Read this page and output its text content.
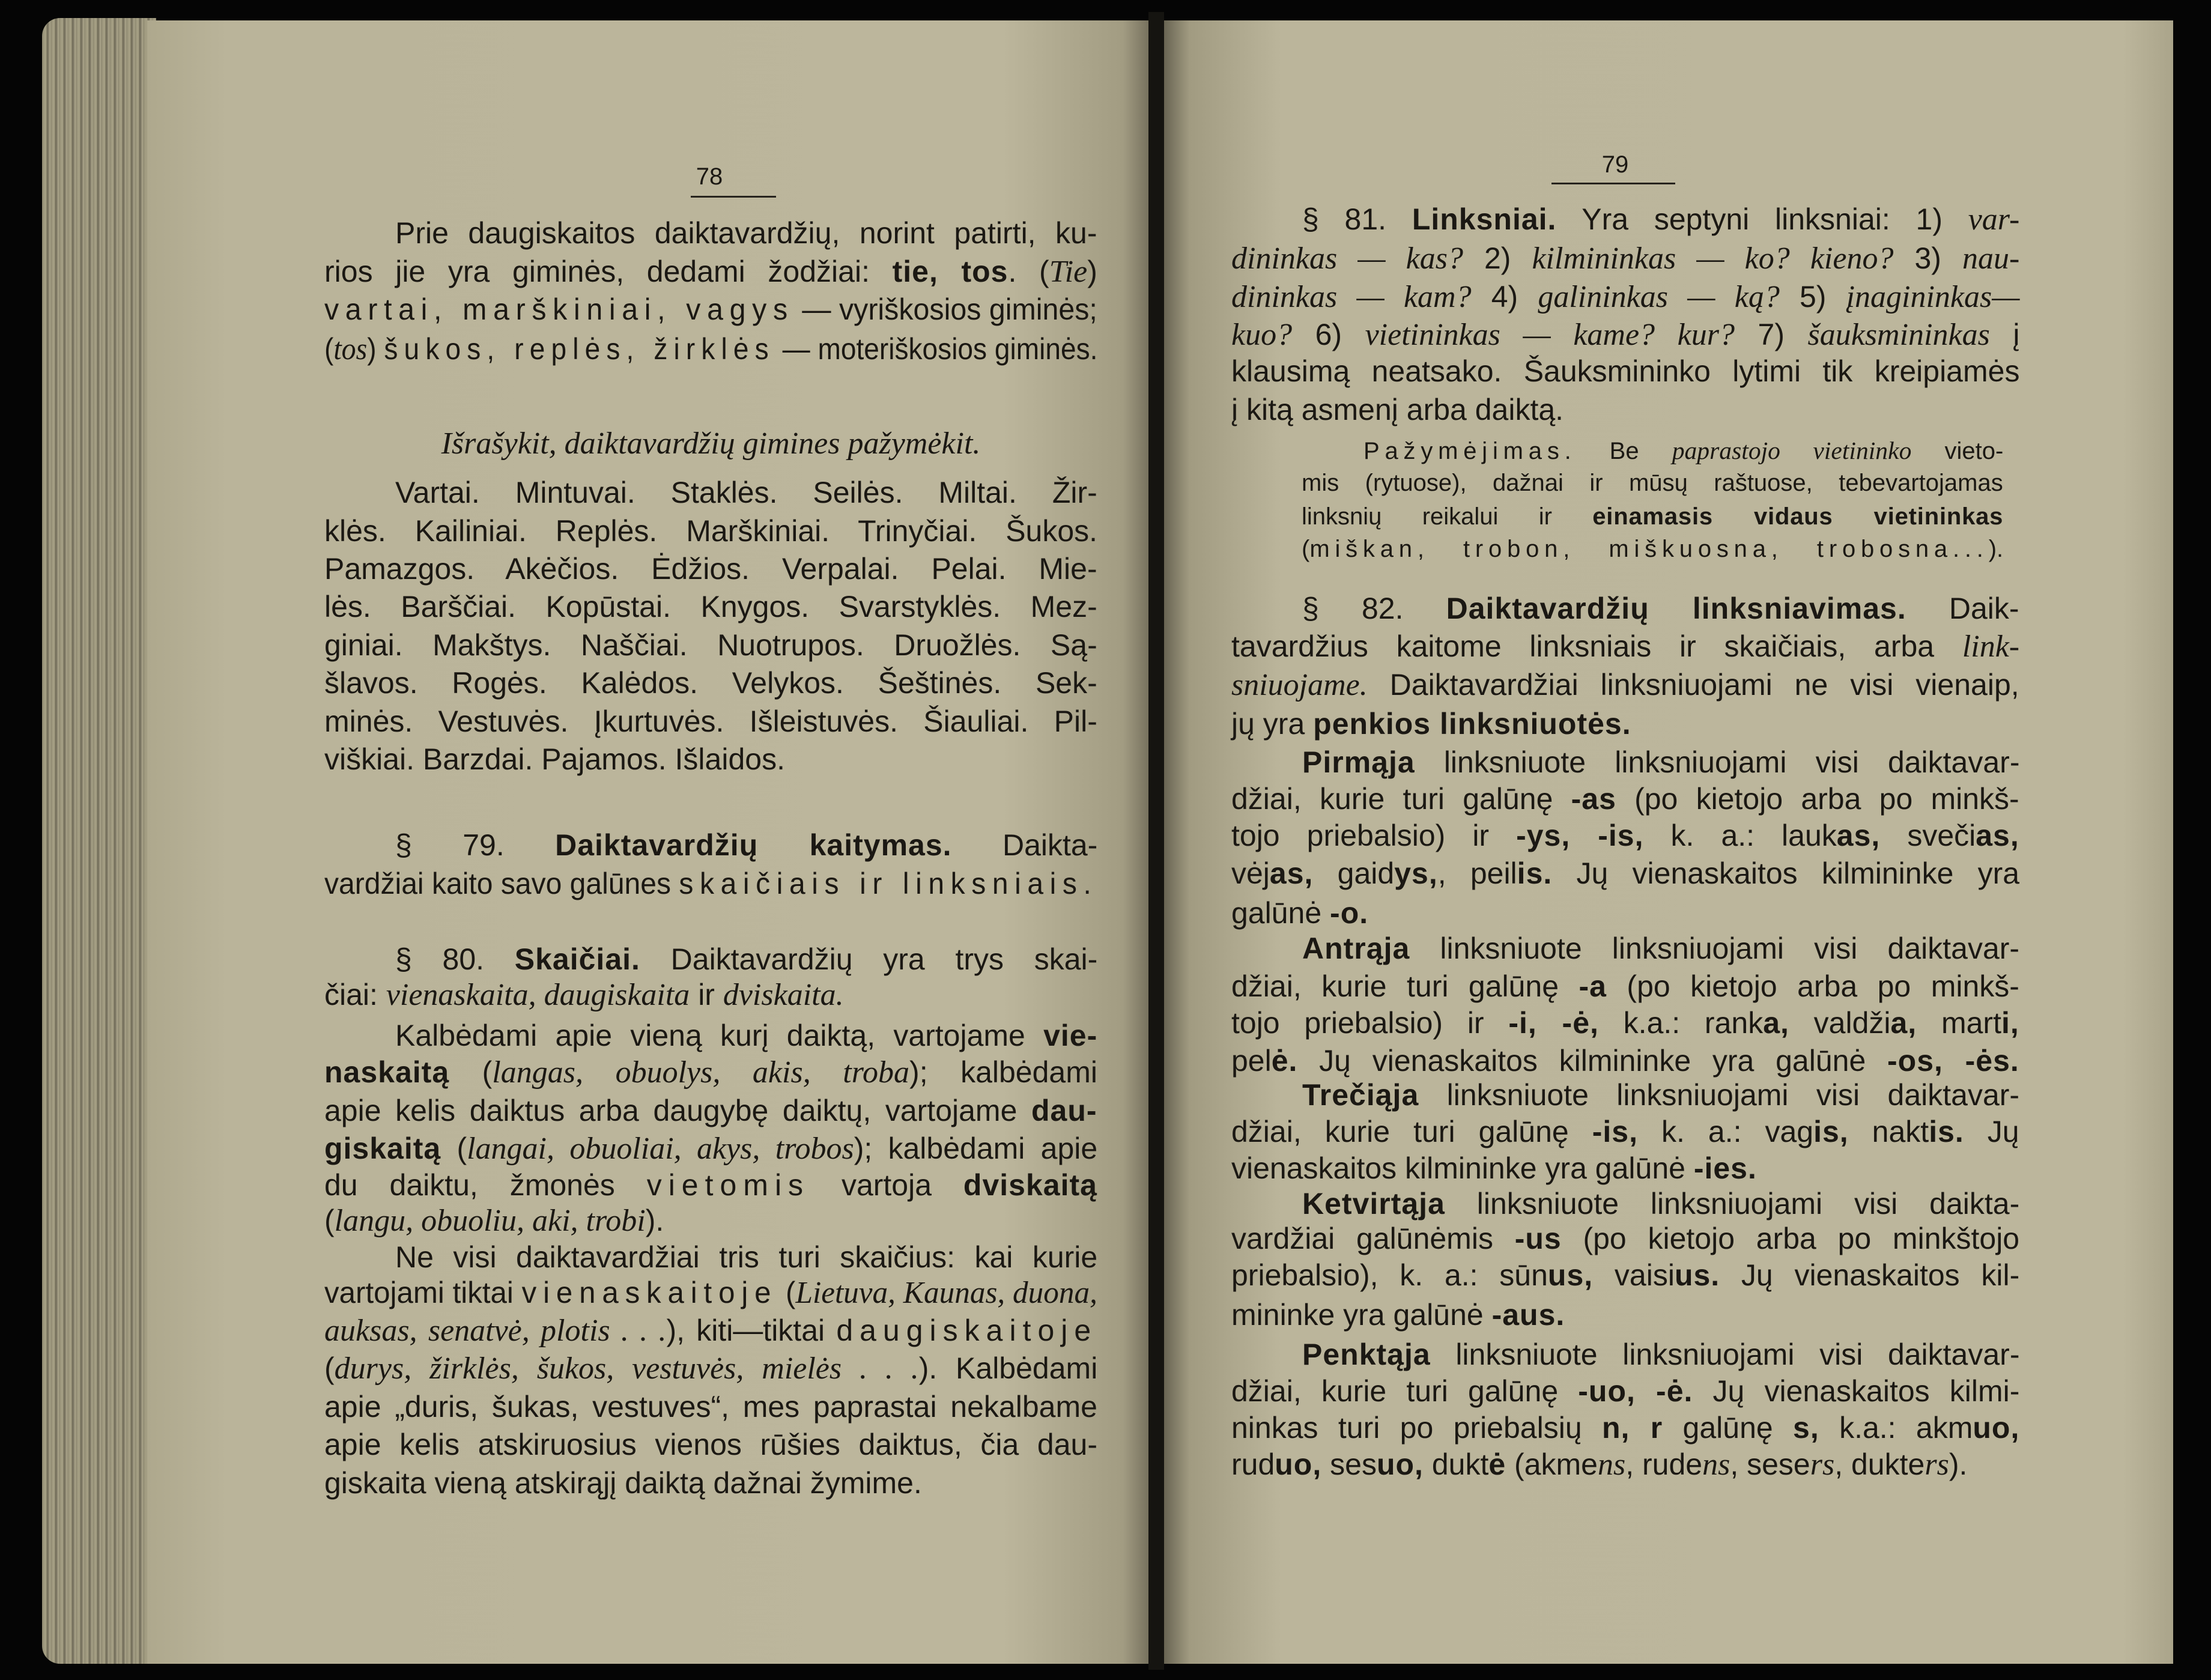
78	79
Prie daugiskaitos daiktavardžių, norint patirti, ku-
rios jie yra giminės, dedami žodžiai: tie, tos. (Tie)
vartai, marškiniai, vagys — vyriškosios giminės;
(tos) šukos, replės, žirklės — moteriškosios giminės.
Išrašykit, daiktavardžių gimines pažymėkit.
Vartai. Mintuvai. Staklės. Seilės. Miltai. Žir-
klės. Kailiniai. Replės. Marškiniai. Trinyčiai. Šukos.
Pamazgos. Akėčios. Ėdžios. Verpalai. Pelai. Mie-
lės. Barščiai. Kopūstai. Knygos. Svarstyklės. Mez-
giniai. Makštys. Naščiai. Nuotrupos. Druožlės. Są-
šlavos. Rogės. Kalėdos. Velykos. Šeštinės. Sek-
minės. Vestuvės. Įkurtuvės. Išleistuvės. Šiauliai. Pil-
viškiai. Barzdai. Pajamos. Išlaidos.
§ 79. Daiktavardžių kaitymas. Daikta-
vardžiai kaito savo galūnes skaičiais ir linksniais.
§ 80. Skaičiai. Daiktavardžių yra trys skai-
čiai: vienaskaita, daugiskaita ir dviskaita.
Kalbėdami apie vieną kurį daiktą, vartojame vie-
naskaitą (langas, obuolys, akis, troba); kalbėdami
apie kelis daiktus arba daugybę daiktų, vartojame dau-
giskaitą (langai, obuoliai, akys, trobos); kalbėdami apie
du daiktu, žmonės vietomis vartoja dviskaitą
(langu, obuoliu, aki, trobi).
Ne visi daiktavardžiai tris turi skaičius: kai kurie
vartojami tiktai vienaskaitoje (Lietuva, Kaunas, duona,
auksas, senatvė, plotis . . .), kiti—tiktai daugiskaitoje
(durys, žirklės, šukos, vestuvės, mielės . . .). Kalbėdami
apie „duris, šukas, vestuves“, mes paprastai nekalbame
apie kelis atskiruosius vienos rūšies daiktus, čia dau-
giskaita vieną atskirąjį daiktą dažnai žymime.
§ 81. Linksniai. Yra septyni linksniai: 1) var-
dininkas — kas? 2) kilmininkas — ko? kieno? 3) nau-
dininkas — kam? 4) galininkas — ką? 5) įnagininkas—
kuo? 6) vietininkas — kame? kur? 7) šauksmininkas į
klausimą neatsako. Šauksmininko lytimi tik kreipiamės
į kitą asmenį arba daiktą.
Pažymėjimas. Be paprastojo vietininko vieto-
mis (rytuose), dažnai ir mūsų raštuose, tebevartojamas
linksnių reikalui ir einamasis vidaus vietininkas
(miškan, trobon, miškuosna, trobosna...).
§ 82. Daiktavardžių linksniavimas. Daik-
tavardžius kaitome linksniais ir skaičiais, arba link-
sniuojame. Daiktavardžiai linksniuojami ne visi vienaip,
jų yra penkios linksniuotės.
Pirmąja linksniuote linksniuojami visi daiktavar-
džiai, kurie turi galūnę -as (po kietojo arba po minkš-
tojo priebalsio) ir -ys, -is, k. a.: laukas, svečias,
vėjas, gaidys,, peilis. Jų vienaskaitos kilmininke yra
galūnė -o.
Antrąja linksniuote linksniuojami visi daiktavar-
džiai, kurie turi galūnę -a (po kietojo arba po minkš-
tojo priebalsio) ir -i, -ė, k.a.: ranka, valdžia, marti,
pelė. Jų vienaskaitos kilmininke yra galūnė -os, -ės.
Trečiąja linksniuote linksniuojami visi daiktavar-
džiai, kurie turi galūnę -is, k. a.: vagis, naktis. Jų
vienaskaitos kilmininke yra galūnė -ies.
Ketvirtąja linksniuote linksniuojami visi daikta-
vardžiai galūnėmis -us (po kietojo arba po minkštojo
priebalsio), k. a.: sūnus, vaisius. Jų vienaskaitos kil-
mininke yra galūnė -aus.
Penktąja linksniuote linksniuojami visi daiktavar-
džiai, kurie turi galūnę -uo, -ė. Jų vienaskaitos kilmi-
ninkas turi po priebalsių n, r galūnę s, k.a.: akmuo,
ruduo, sesuo, duktė (akmens, rudens, sesers, dukters).
